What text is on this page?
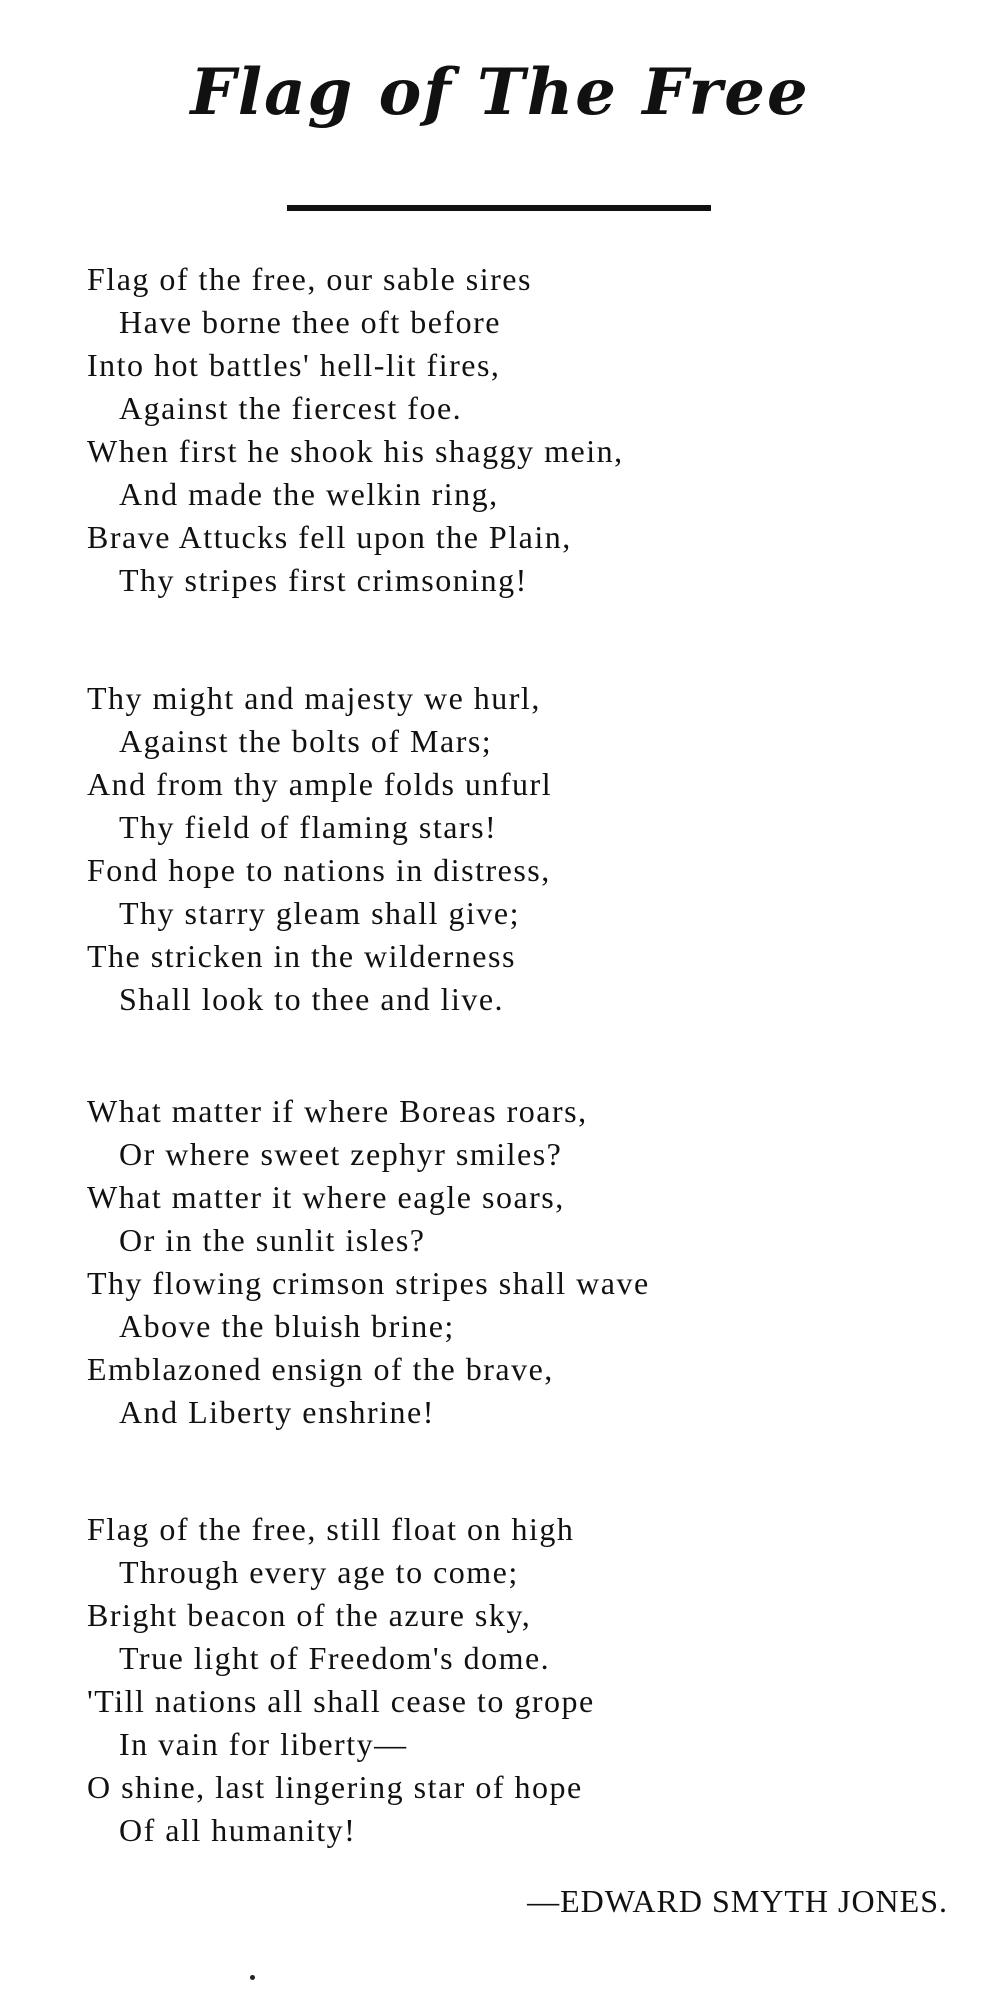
Flag of The Free
Flag of the free, our sable sires
Have borne thee oft before
Into hot battles' hell-lit fires,
Against the fiercest foe.
When first he shook his shaggy mein,
And made the welkin ring,
Brave Attucks fell upon the Plain,
Thy stripes first crimsoning!
Thy might and majesty we hurl,
Against the bolts of Mars;
And from thy ample folds unfurl
Thy field of flaming stars!
Fond hope to nations in distress,
Thy starry gleam shall give;
The stricken in the wilderness
Shall look to thee and live.
What matter if where Boreas roars,
Or where sweet zephyr smiles?
What matter it where eagle soars,
Or in the sunlit isles?
Thy flowing crimson stripes shall wave
Above the bluish brine;
Emblazoned ensign of the brave,
And Liberty enshrine!
Flag of the free, still float on high
Through every age to come;
Bright beacon of the azure sky,
True light of Freedom's dome.
'Till nations all shall cease to grope
In vain for liberty—
O shine, last lingering star of hope
Of all humanity!
—EDWARD SMYTH JONES.
